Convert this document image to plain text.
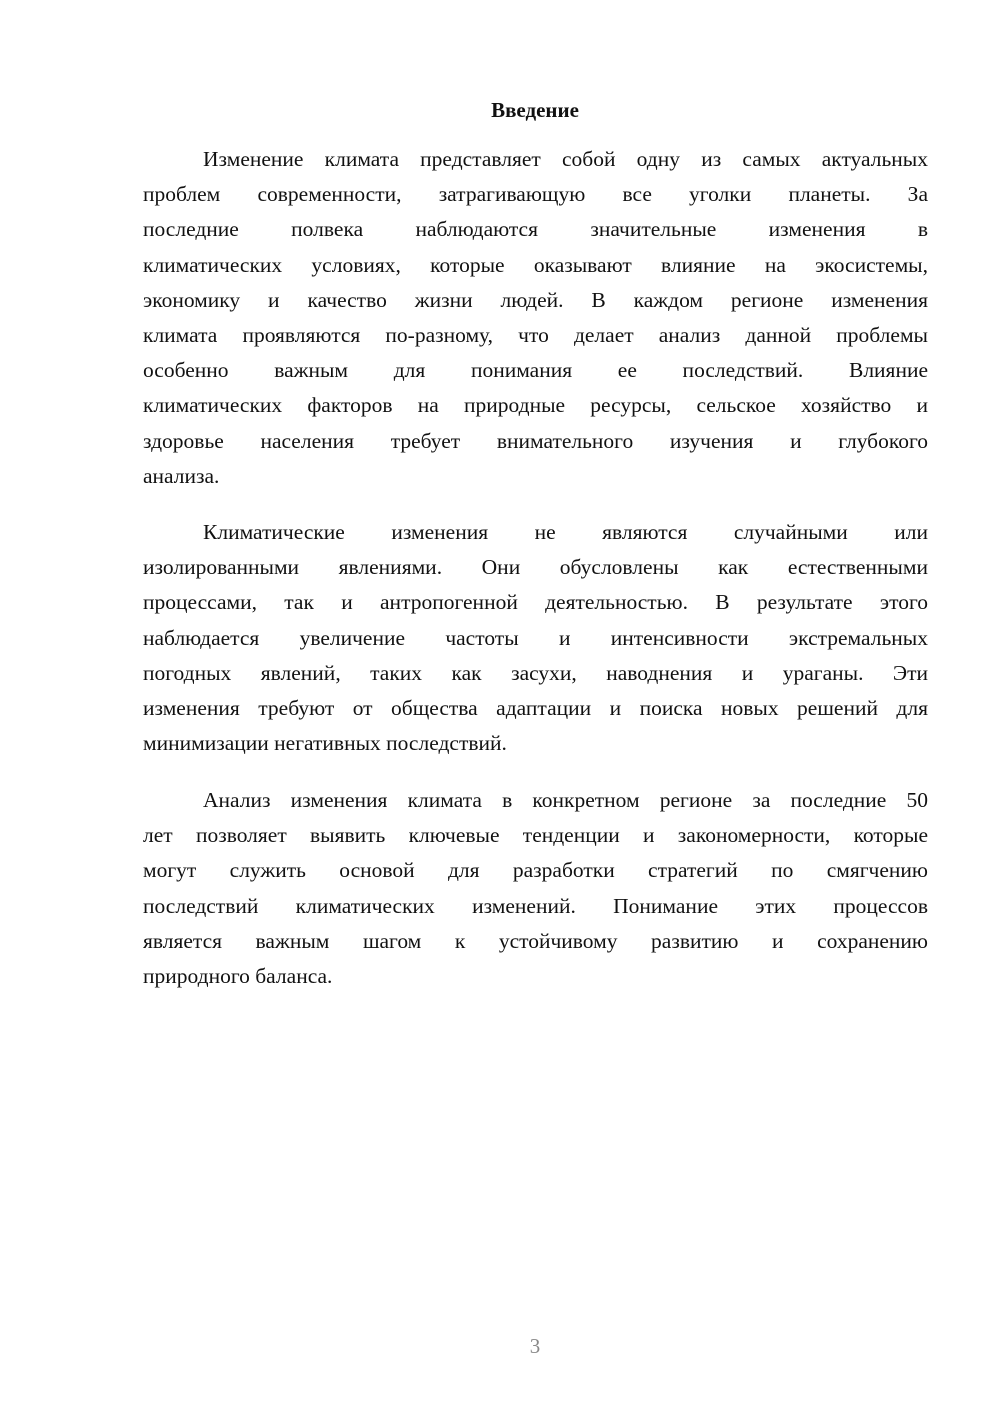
Введение
Изменение климата представляет собой одну из самых актуальных
проблем современности, затрагивающую все уголки планеты. За
последние полвека наблюдаются значительные изменения в
климатических условиях, которые оказывают влияние на экосистемы,
экономику и качество жизни людей. В каждом регионе изменения
климата проявляются по-разному, что делает анализ данной проблемы
особенно важным для понимания ее последствий. Влияние
климатических факторов на природные ресурсы, сельское хозяйство и
здоровье населения требует внимательного изучения и глубокого
анализа.
Климатические изменения не являются случайными или
изолированными явлениями. Они обусловлены как естественными
процессами, так и антропогенной деятельностью. В результате этого
наблюдается увеличение частоты и интенсивности экстремальных
погодных явлений, таких как засухи, наводнения и ураганы. Эти
изменения требуют от общества адаптации и поиска новых решений для
минимизации негативных последствий.
Анализ изменения климата в конкретном регионе за последние 50
лет позволяет выявить ключевые тенденции и закономерности, которые
могут служить основой для разработки стратегий по смягчению
последствий климатических изменений. Понимание этих процессов
является важным шагом к устойчивому развитию и сохранению
природного баланса.
3
